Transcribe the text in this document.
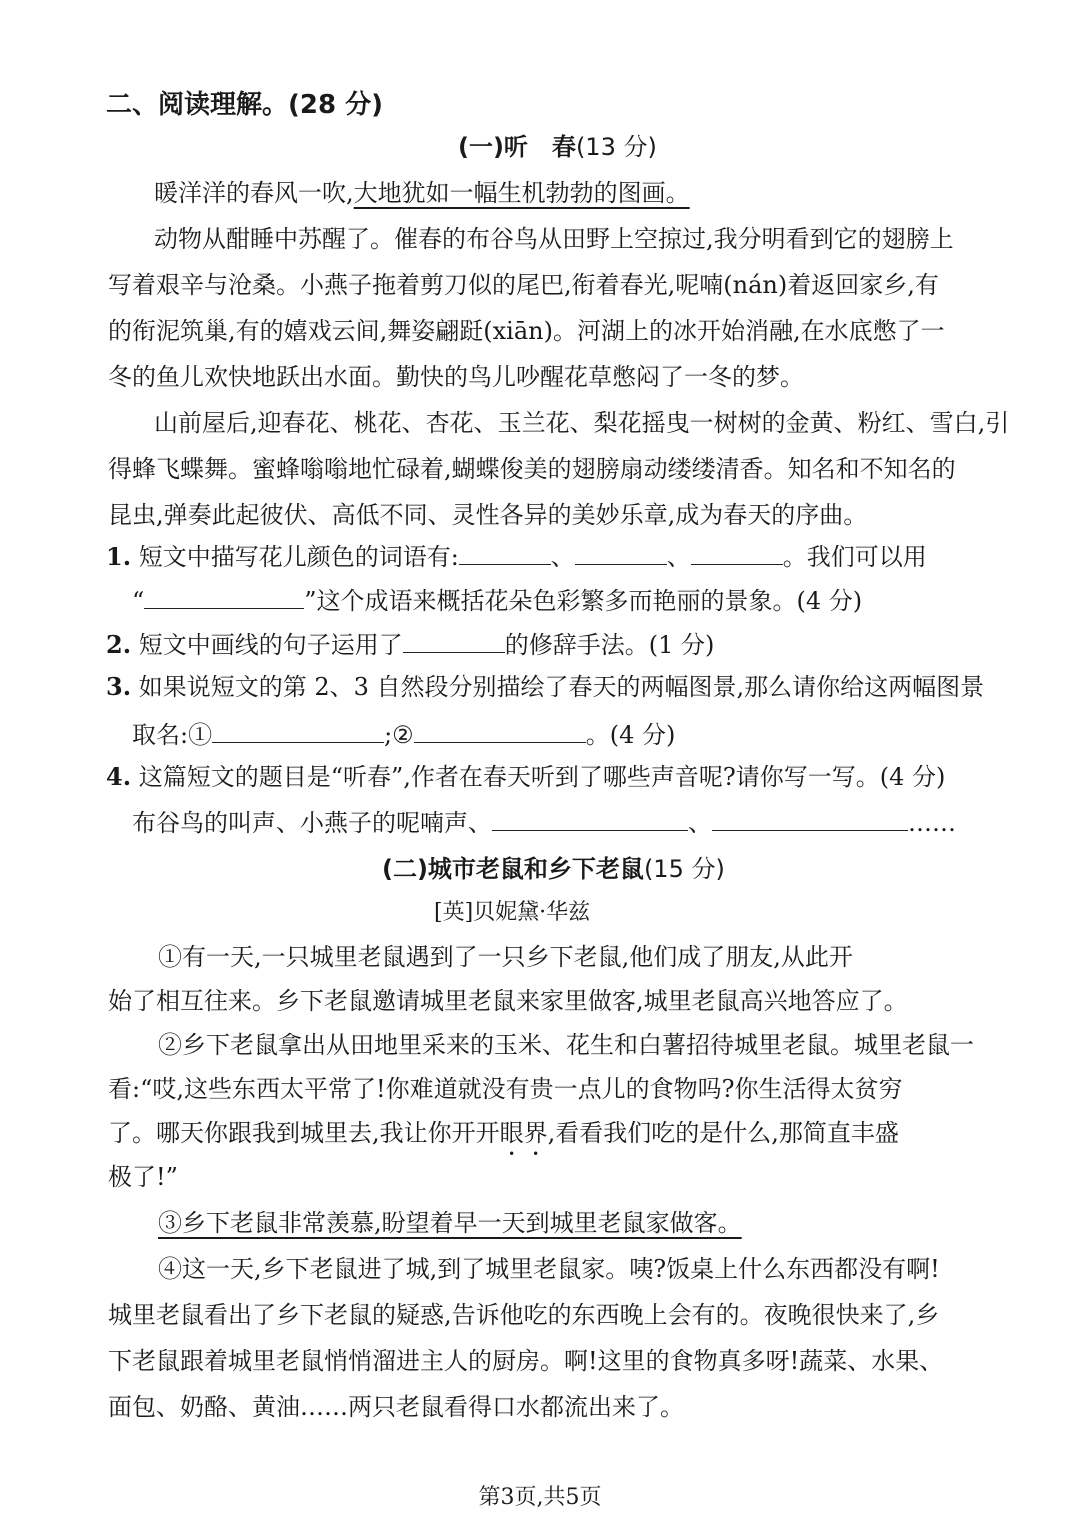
二、阅读理解。(28 分)
(一)听　春(13 分)
暖洋洋的春风一吹,大地犹如一幅生机勃勃的图画。
动物从酣睡中苏醒了。催春的布谷鸟从田野上空掠过,我分明看到它的翅膀上
写着艰辛与沧桑。小燕子拖着剪刀似的尾巴,衔着春光,呢喃(nán)着返回家乡,有
的衔泥筑巢,有的嬉戏云间,舞姿翩跹(xiān)。河湖上的冰开始消融,在水底憋了一
冬的鱼儿欢快地跃出水面。勤快的鸟儿吵醒花草憋闷了一冬的梦。
山前屋后,迎春花、桃花、杏花、玉兰花、梨花摇曳一树树的金黄、粉红、雪白,引
得蜂飞蝶舞。蜜蜂嗡嗡地忙碌着,蝴蝶俊美的翅膀扇动缕缕清香。知名和不知名的
昆虫,弹奏此起彼伏、高低不同、灵性各异的美妙乐章,成为春天的序曲。
1. 短文中描写花儿颜色的词语有:	、	、	。我们可以用
“	”这个成语来概括花朵色彩繁多而艳丽的景象。(4 分)
2. 短文中画线的句子运用了	的修辞手法。(1 分)
3. 如果说短文的第 2、3 自然段分别描绘了春天的两幅图景,那么请你给这两幅图景
取名:①	;②	。(4 分)
4. 这篇短文的题目是“听春”,作者在春天听到了哪些声音呢?请你写一写。(4 分)
布谷鸟的叫声、小燕子的呢喃声、	、	……
(二)城市老鼠和乡下老鼠(15 分)
[英]贝妮黛·华兹
①有一天,一只城里老鼠遇到了一只乡下老鼠,他们成了朋友,从此开
始了相互往来。乡下老鼠邀请城里老鼠来家里做客,城里老鼠高兴地答应了。
②乡下老鼠拿出从田地里采来的玉米、花生和白薯招待城里老鼠。城里老鼠一
看:“哎,这些东西太平常了!你难道就没有贵一点儿的食物吗?你生活得太贫穷
了。哪天你跟我到城里去,我让你开开眼界,看看我们吃的是什么,那简直丰盛
极了!”
③乡下老鼠非常羡慕,盼望着早一天到城里老鼠家做客。
④这一天,乡下老鼠进了城,到了城里老鼠家。咦?饭桌上什么东西都没有啊!
城里老鼠看出了乡下老鼠的疑惑,告诉他吃的东西晚上会有的。夜晚很快来了,乡
下老鼠跟着城里老鼠悄悄溜进主人的厨房。啊!这里的食物真多呀!蔬菜、水果、
面包、奶酪、黄油……两只老鼠看得口水都流出来了。
第3页,共5页
